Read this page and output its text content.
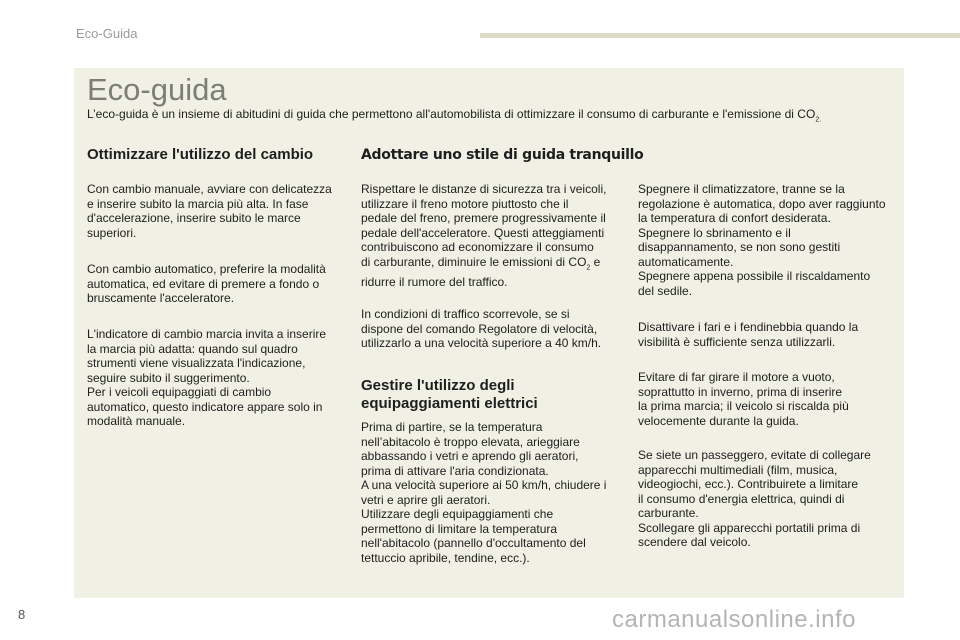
Eco-Guida
Eco-guida

L’eco-guida è un insieme di abitudini di guida che permettono all'automobilista di ottimizzare il consumo di carburante e l'emissione di $CO_{2.}$

Ottimizzare l'utilizzo del cambio	Adottare uno stile di guida tranquillo

Con cambio manuale, avviare con delicatezza
e inserire subito la marcia più alta. In fase
d'accelerazione, inserire subito le marce
superiori.

Con cambio automatico, preferire la modalità
automatica, ed evitare di premere a fondo o
bruscamente l'acceleratore.

L'indicatore di cambio marcia invita a inserire
la marcia più adatta: quando sul quadro
strumenti viene visualizzata l'indicazione,
seguire subito il suggerimento.
Per i veicoli equipaggiati di cambio
automatico, questo indicatore appare solo in
modalità manuale.

Rispettare le distanze di sicurezza tra i veicoli,
utilizzare il freno motore piuttosto che il
pedale del freno, premere progressivamente il
pedale dell'acceleratore. Questi atteggiamenti
contribuiscono ad economizzare il consumo
di carburante, diminuire le emissioni di $CO_2$ e
ridurre il rumore del traffico.

In condizioni di traffico scorrevole, se si
dispone del comando Regolatore di velocità,
utilizzarlo a una velocità superiore a 40 km/h.

Gestire l'utilizzo degli equipaggiamenti elettrici

Prima di partire, se la temperatura
nell’abitacolo è troppo elevata, arieggiare
abbassando i vetri e aprendo gli aeratori,
prima di attivare l'aria condizionata.
A una velocità superiore ai 50 km/h, chiudere i
vetri e aprire gli aeratori.
Utilizzare degli equipaggiamenti che
permettono di limitare la temperatura
nell'abitacolo (pannello d'occultamento del
tettuccio apribile, tendine, ecc.).

Spegnere il climatizzatore, tranne se la
regolazione è automatica, dopo aver raggiunto
la temperatura di confort desiderata.
Spegnere lo sbrinamento e il
disappannamento, se non sono gestiti
automaticamente.
Spegnere appena possibile il riscaldamento
del sedile.

Disattivare i fari e i fendinebbia quando la
visibilità è sufficiente senza utilizzarli.

Evitare di far girare il motore a vuoto,
soprattutto in inverno, prima di inserire
la prima marcia; il veicolo si riscalda più
velocemente durante la guida.

Se siete un passeggero, evitate di collegare
apparecchi multimediali (film, musica,
videogiochi, ecc.). Contribuirete a limitare
il consumo d'energia elettrica, quindi di
carburante.
Scollegare gli apparecchi portatili prima di
scendere dal veicolo.

8	carmanualsonline.info
